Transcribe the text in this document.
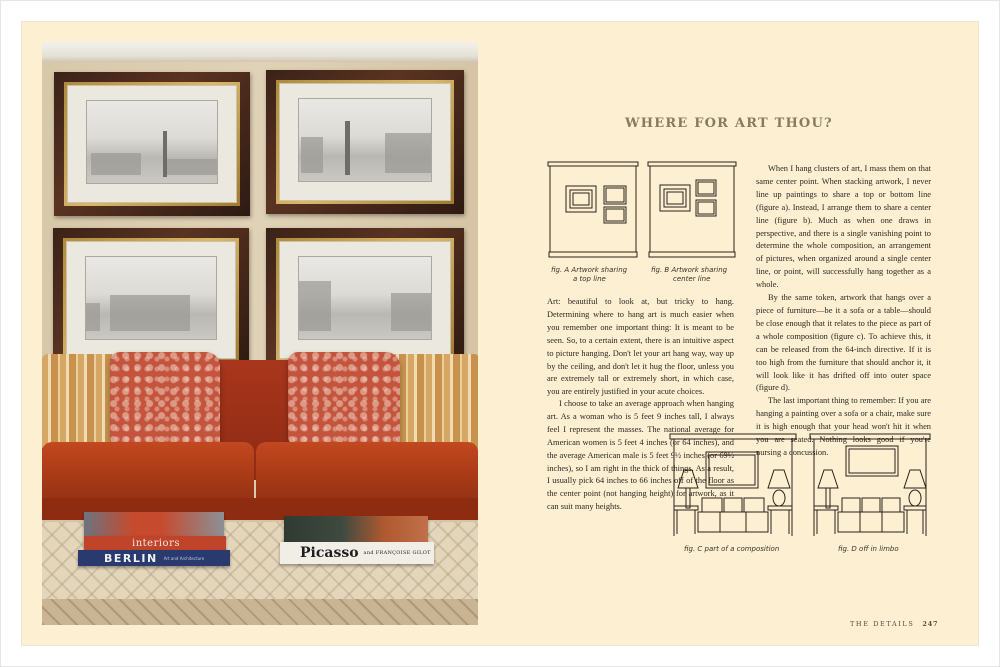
interiors
BERLIN Art and Architecture	Picasso and FRANÇOISE GILOT
WHERE FOR ART THOU?
fig. A Artwork sharing
a top line
fig. B Artwork sharing
center line

Art: beautiful to look at, but tricky to hang. Determining where to hang art is much easier when you remember one important thing: It is meant to be seen. So, to a certain extent, there is an intuitive aspect to picture hanging. Don't let your art hang way, way up by the ceiling, and don't let it hug the floor, unless you are extremely tall or extremely short, in which case, you are entirely justified in your acute choices.

I choose to take an average approach when hanging art. As a woman who is 5 feet 9 inches tall, I always feel I represent the masses. The national average for American women is 5 feet 4 inches (or 64 inches), and the average American male is 5 feet 9½ inches (or 69½ inches), so I am right in the thick of things. As a result, I usually pick 64 inches to 66 inches off of the floor as the center point (not hanging height) for artwork, as it can suit many heights.

When I hang clusters of art, I mass them on that same center point. When stacking artwork, I never line up paintings to share a top or bottom line (figure a). Instead, I arrange them to share a center line (figure b). Much as when one draws in perspective, and there is a single vanishing point to determine the whole composition, an arrangement of pictures, when organized around a single center line, or point, will successfully hang together as a whole.

By the same token, artwork that hangs over a piece of furniture—be it a sofa or a table—should be close enough that it relates to the piece as part of a whole composition (figure c). To achieve this, it can be released from the 64-inch directive. If it is too high from the furniture that should anchor it, it will look like it has drifted off into outer space (figure d).

The last important thing to remember: If you are hanging a painting over a sofa or a chair, make sure it is high enough that your head won't hit it when you are seated. Nothing looks good if you're nursing a concussion.

fig. C part of a composition	fig. D off in limbo
THE DETAILS 247
